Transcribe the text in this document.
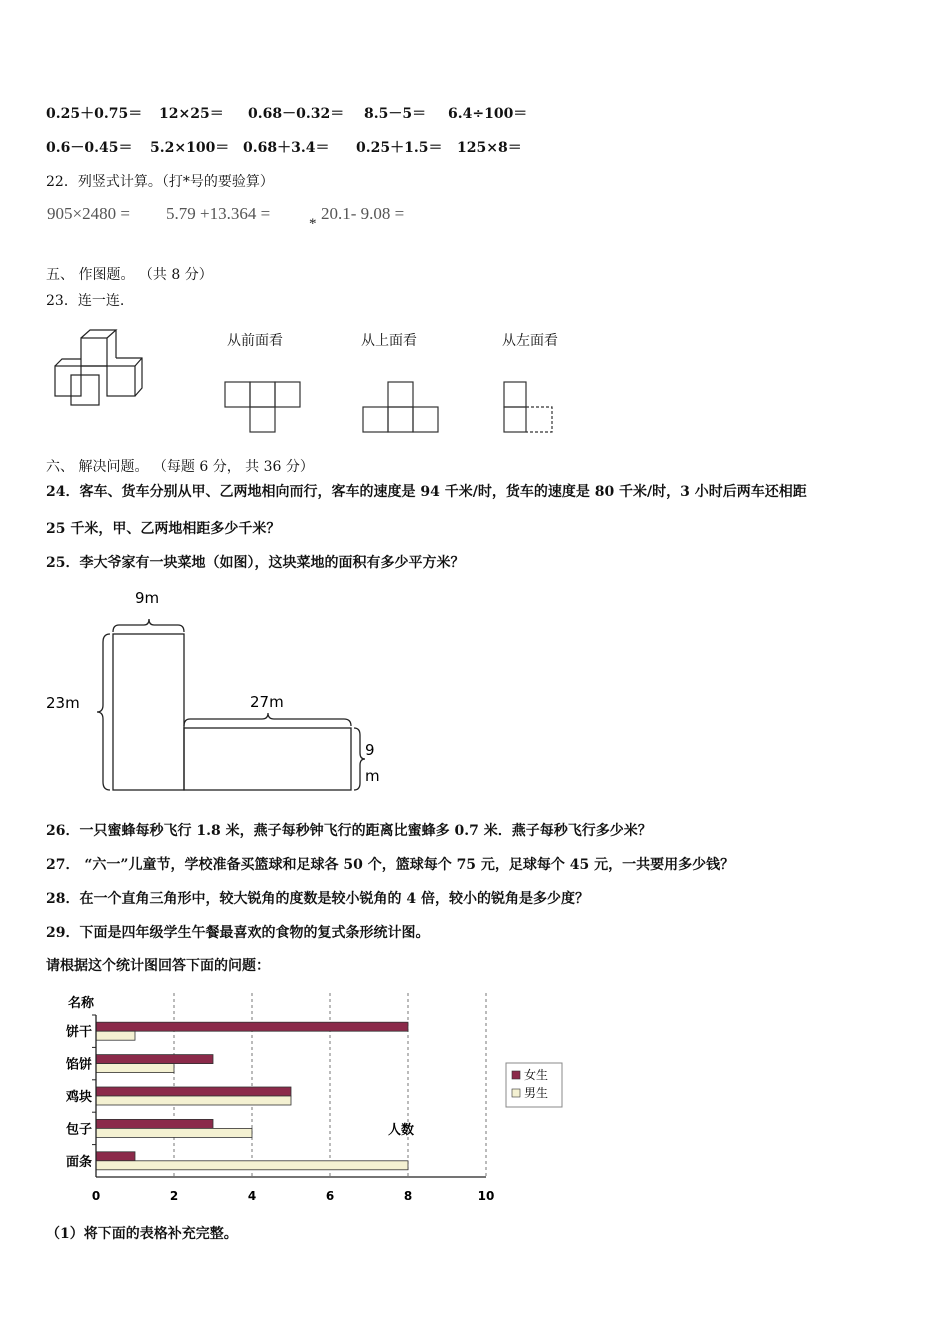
0.25＋0.75＝ 12×25＝ 0.68－0.32＝ 8.5－5＝ 6.4÷100＝
0.6－0.45＝ 5.2×100＝ 0.68＋3.4＝ 0.25＋1.5＝ 125×8＝
22．列竖式计算。（打*号的要验算）
905×2480 = 5.79 +13.364 =
*
20.1- 9.08 =
五、 作图题。 （共 8 分）
23．连一连.
从前面看	从上面看	从左面看
六、 解决问题。 （每题 6 分， 共 36 分）
24．客车、货车分别从甲、乙两地相向而行，客车的速度是 94 千米/时，货车的速度是 80 千米/时，3 小时后两车还相距
25 千米，甲、乙两地相距多少千米？
25．李大爷家有一块菜地（如图），这块菜地的面积有多少平方米？
9m
23m	27m
9
m
26．一只蜜蜂每秒飞行 1.8 米，燕子每秒钟飞行的距离比蜜蜂多 0.7 米．燕子每秒飞行多少米？
27． “六一”儿童节，学校准备买篮球和足球各 50 个，篮球每个 75 元，足球每个 45 元，一共要用多少钱？
28．在一个直角三角形中，较大锐角的度数是较小锐角的 4 倍，较小的锐角是多少度？
29．下面是四年级学生午餐最喜欢的食物的复式条形统计图。
请根据这个统计图回答下面的问题：
名称
饼干
馅饼
鸡块
包子
面条
0	2	4	6	8	10
人数
女生
男生
（1）将下面的表格补充完整。
